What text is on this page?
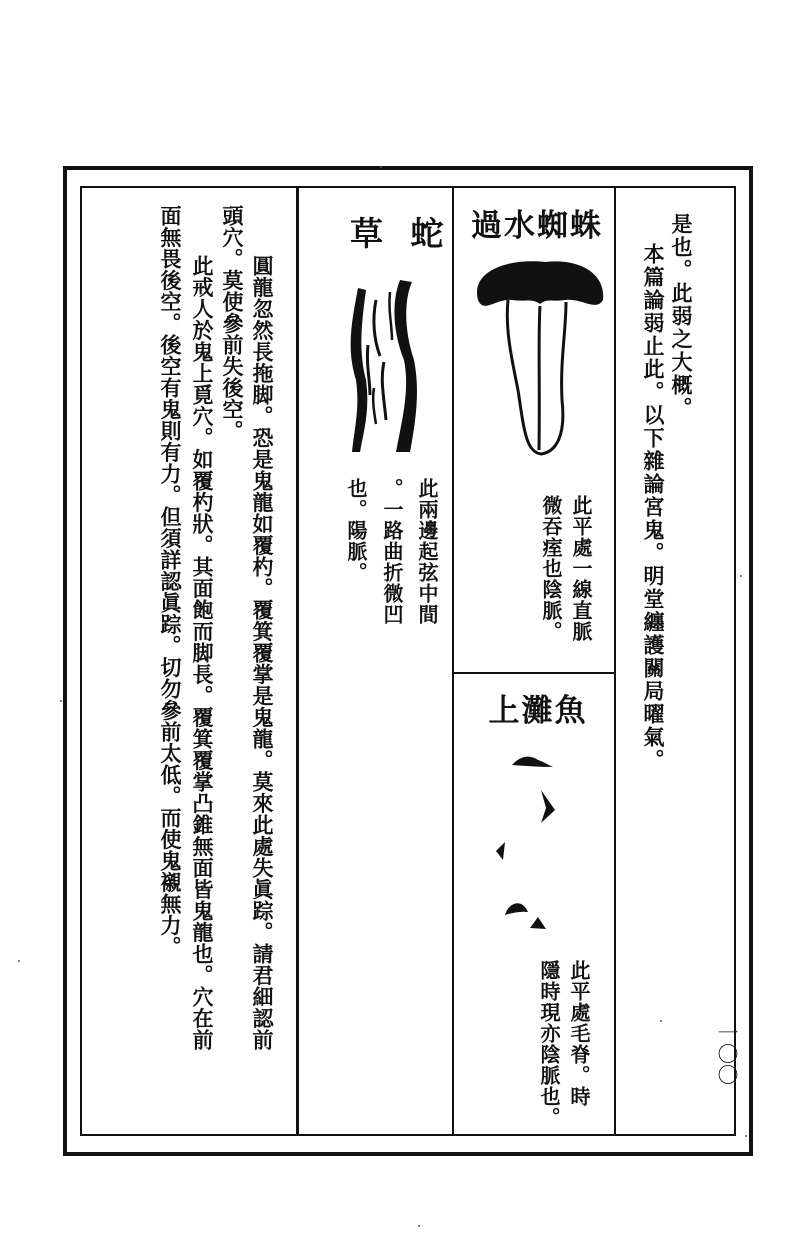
是也。此弱之大概。
本篇論弱止此。以下雜論宮鬼。明堂纏護關局曜氣。
過水蜘蛛
此平處一線直脈
微吞痓也陰脈。
上灘魚
此平處毛脊。時
隱時現亦陰脈也。
草 蛇
此兩邊起弦中間
。一路曲折微凹
也。陽脈。
圓龍忽然長拖脚。恐是鬼龍如覆杓。覆箕覆掌是鬼龍。莫來此處失眞踪。請君細認前
頭穴。莫使參前失後空。
此戒人於鬼上覓穴。如覆杓狀。其面飽而脚長。覆箕覆掌凸錐無面皆鬼龍也。穴在前
面無畏後空。後空有鬼則有力。但須詳認眞踪。切勿參前太低。而使鬼襯無力。
一〇〇
